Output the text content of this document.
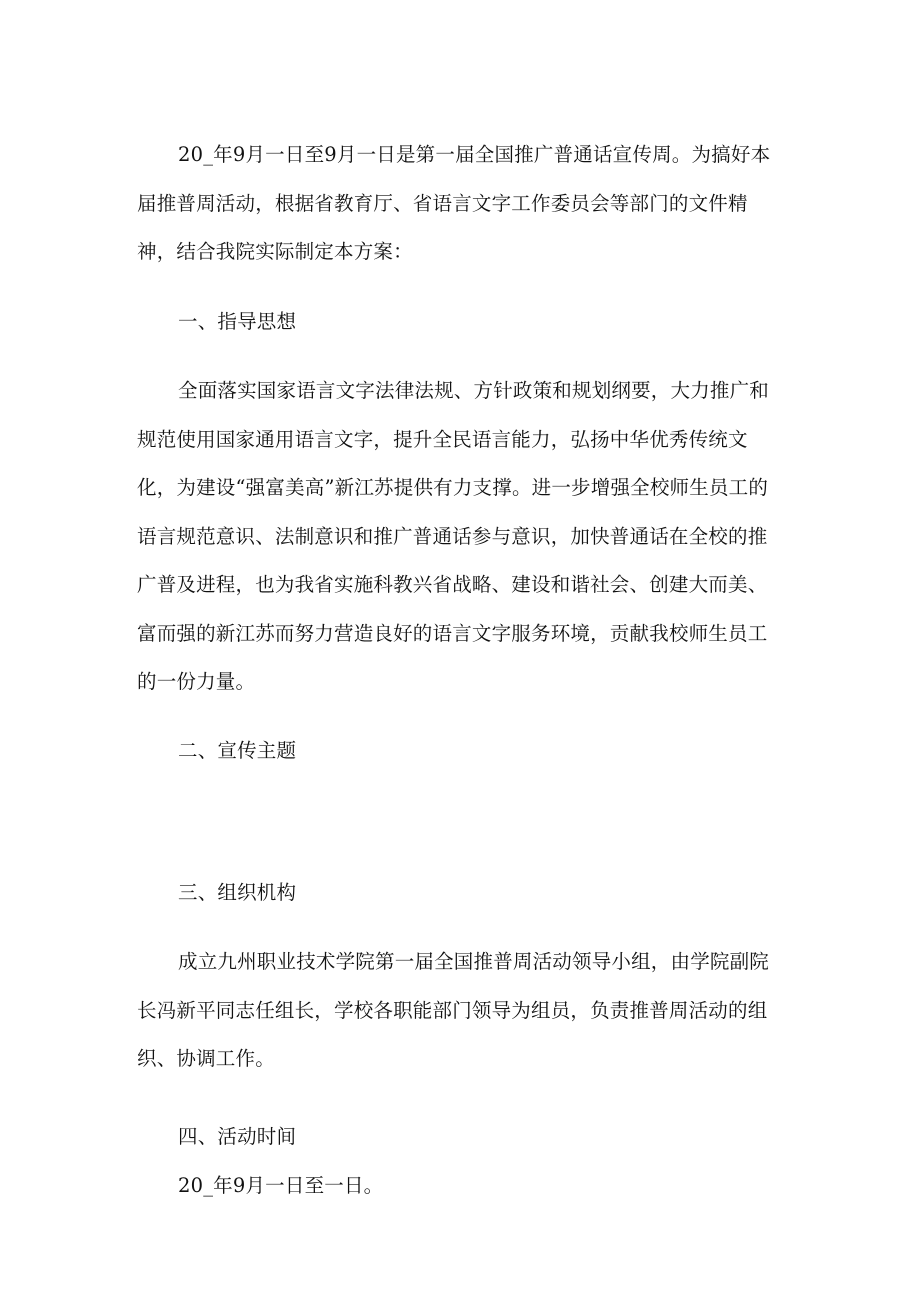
20_年9月一日至9月一日是第一届全国推广普通话宣传周。为搞好本届推普周活动，根据省教育厅、省语言文字工作委员会等部门的文件精神，结合我院实际制定本方案：

一、指导思想

全面落实国家语言文字法律法规、方针政策和规划纲要，大力推广和规范使用国家通用语言文字，提升全民语言能力，弘扬中华优秀传统文化，为建设“强富美高”新江苏提供有力支撑。进一步增强全校师生员工的语言规范意识、法制意识和推广普通话参与意识，加快普通话在全校的推广普及进程，也为我省实施科教兴省战略、建设和谐社会、创建大而美、富而强的新江苏而努力营造良好的语言文字服务环境，贡献我校师生员工的一份力量。

二、宣传主题

三、组织机构

成立九州职业技术学院第一届全国推普周活动领导小组，由学院副院长冯新平同志任组长，学校各职能部门领导为组员，负责推普周活动的组织、协调工作。

四、活动时间

20_年9月一日至一日。
